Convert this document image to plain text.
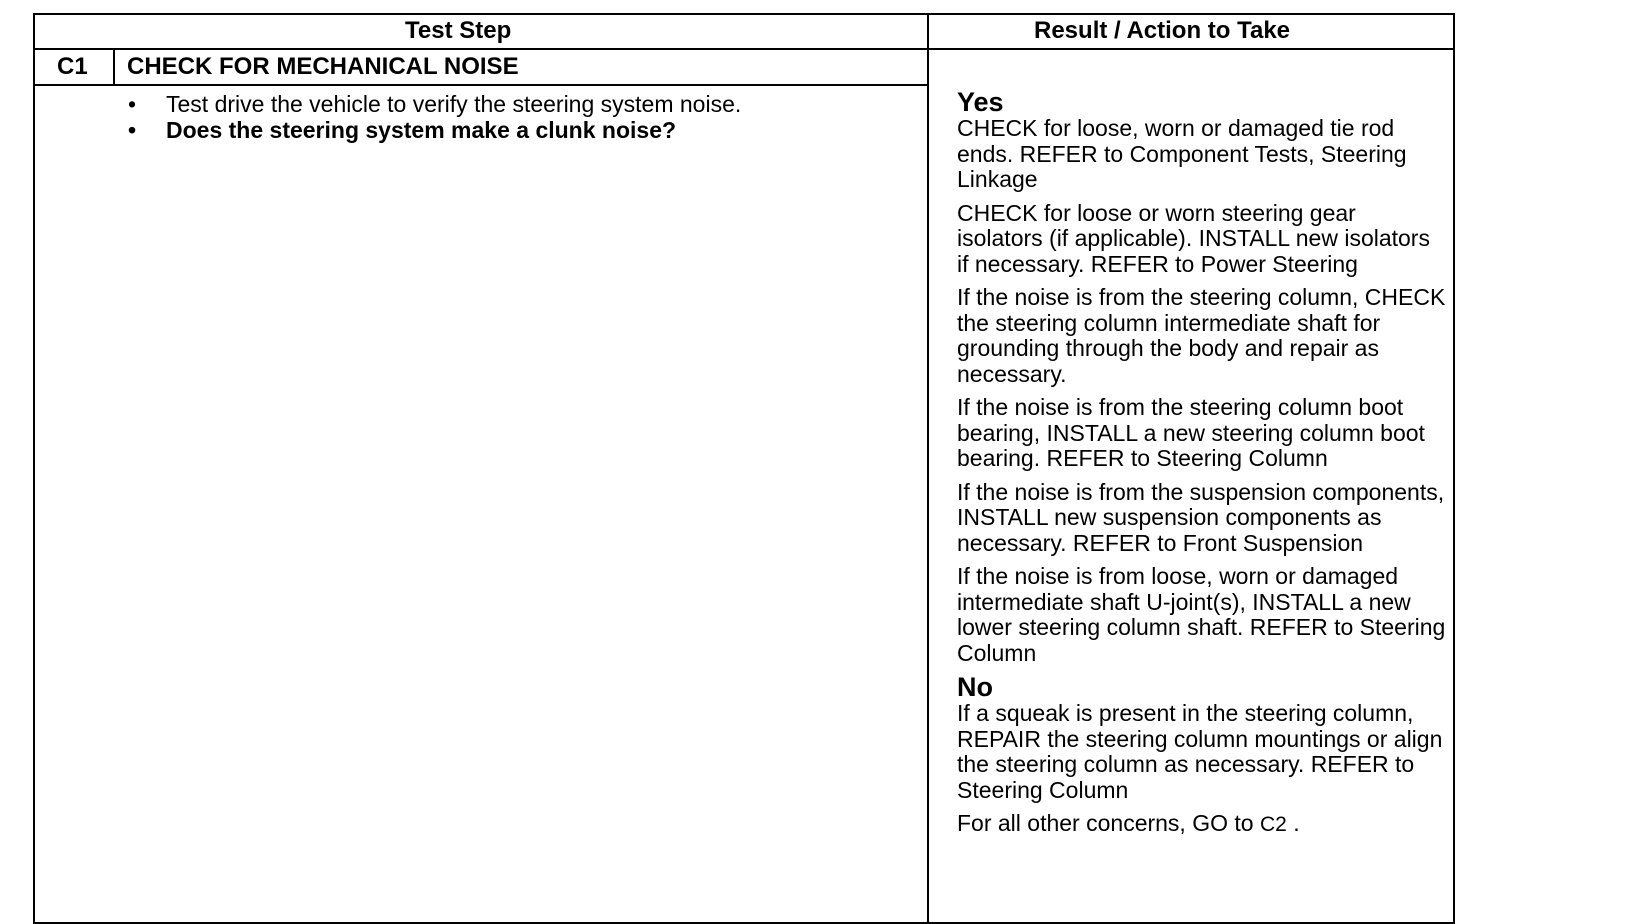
Test Step	Result / Action to Take
C1 CHECK FOR MECHANICAL NOISE
• Test drive the vehicle to verify the steering system noise.
• Does the steering system make a clunk noise?
Yes

CHECK for loose, worn or damaged tie rod ends. REFER to Component Tests, Steering Linkage

CHECK for loose or worn steering gear isolators (if applicable). INSTALL new isolators if necessary. REFER to Power Steering

If the noise is from the steering column, CHECK the steering column intermediate shaft for grounding through the body and repair as necessary.

If the noise is from the steering column boot bearing, INSTALL a new steering column boot bearing. REFER to Steering Column

If the noise is from the suspension components, INSTALL new suspension components as necessary. REFER to Front Suspension

If the noise is from loose, worn or damaged intermediate shaft U-joint(s), INSTALL a new lower steering column shaft. REFER to Steering Column

No

If a squeak is present in the steering column, REPAIR the steering column mountings or align the steering column as necessary. REFER to Steering Column

For all other concerns, GO to C2 .
